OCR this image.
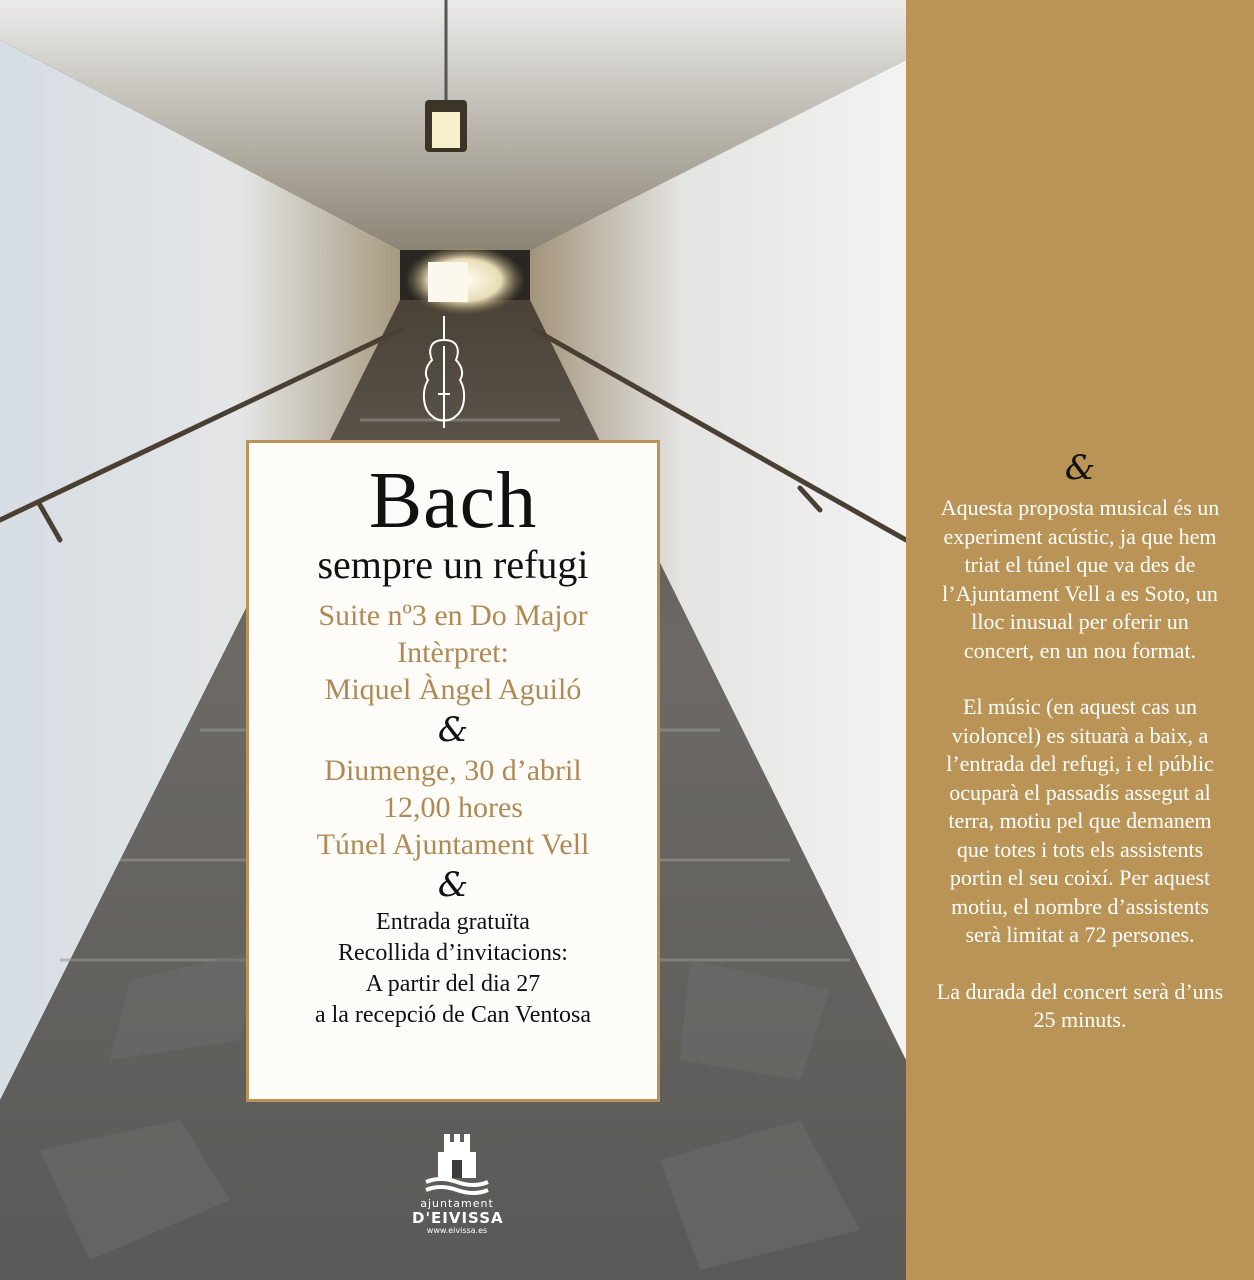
Bach
sempre un refugi
Suite nº3 en Do Major
Intèrpret:
Miquel Àngel Aguiló
&
Diumenge, 30 d’abril
12,00 hores
Túnel Ajuntament Vell
&
Entrada gratuïta
Recollida d’invitacions:
A partir del dia 27
a la recepció de Can Ventosa
ajuntament
D'EIVISSA
www.eivissa.es
&

Aquesta proposta musical és un experiment acústic, ja que hem triat el túnel que va des de l’Ajuntament Vell a es Soto, un lloc inusual per oferir un concert, en un nou format.

El músic (en aquest cas un violoncel) es situarà a baix, a l’entrada del refugi, i el públic ocuparà el passadís assegut al terra, motiu pel que demanem que totes i tots els assistents portin el seu coixí. Per aquest motiu, el nombre d’assistents serà limitat a 72 persones.

La durada del concert serà d’uns 25 minuts.
